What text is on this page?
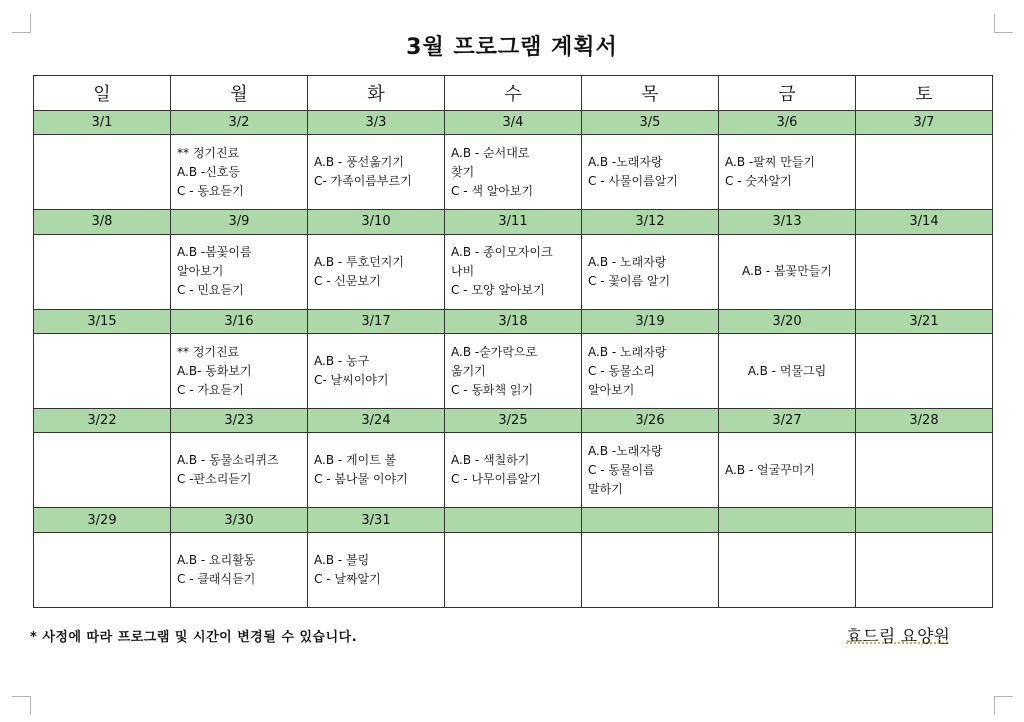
3월 프로그램 계획서
일	월	화	수	목	금	토
3/1	3/2	3/3	3/4	3/5	3/6	3/7

	** 정기진료
A.B -신호등
C - 동요듣기	A.B - 풍선옮기기
C- 가족이름부르기	A.B - 순서대로
찾기
C - 색 알아보기	A.B -노래자랑
C - 사물이름알기	A.B -팔찌 만들기
C - 숫자알기	

3/8	3/9	3/10	3/11	3/12	3/13	3/14

	A.B -봄꽃이름
알아보기
C - 민요듣기	A.B - 투호던지기
C - 신문보기	A.B - 종이모자이크
나비
C - 모양 알아보기	A.B - 노래자랑
C - 꽃이름 알기	A.B - 봄꽃만들기	

3/15	3/16	3/17	3/18	3/19	3/20	3/21

	** 정기진료
A.B- 동화보기
C - 가요듣기	A.B - 농구
C- 날씨이야기	A.B -숟가락으로
옮기기
C - 동화책 읽기	A.B - 노래자랑
C - 동물소리
알아보기	A.B - 먹물그림	

3/22	3/23	3/24	3/25	3/26	3/27	3/28

	A.B - 동물소리퀴즈
C -판소리듣기	A.B - 게이트 볼
C - 봄나물 이야기	A.B - 색칠하기
C - 나무이름알기	A.B -노래자랑
C - 동물이름
말하기	A.B - 얼굴꾸미기	

3/29	3/30	3/31				

	A.B - 요리활동
C - 클래식듣기	A.B - 볼링
C - 날짜알기				

* 사정에 따라 프로그램 및 시간이 변경될 수 있습니다.	효드림 요양원
